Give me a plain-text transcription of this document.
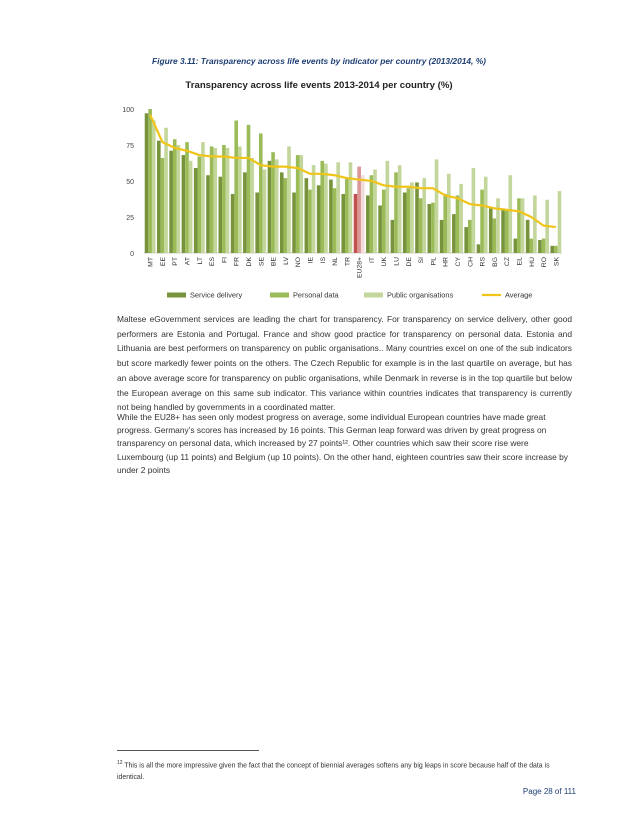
Figure 3.11: Transparency across life events by indicator per country (2013/2014, %)
Transparency across life events 2013-2014 per country (%)
0
25
50
75
100
MT EE PT AT LT ES FI FR DK SE BE LV NO IE IS NL TR EU28+ IT UK LU DE SI PL HR CY CH RS BG CZ EL HU RO SK
Service delivery	Personal data	Public organisations	Average
Maltese eGovernment services are leading the chart for transparency. For transparency on service delivery, other good performers are Estonia and Portugal. France and show good practice for transparency on personal data. Estonia and Lithuania are best performers on transparency on public organisations.. Many countries excel on one of the sub indicators but score markedly fewer points on the others. The Czech Republic for example is in the last quartile on average, but has an above average score for transparency on public organisations, while Denmark in reverse is in the top quartile but below the European average on this same sub indicator. This variance within countries indicates that transparency is currently not being handled by governments in a coordinated matter.
While the EU28+ has seen only modest progress on average, some individual European countries have made great progress. Germany’s scores has increased by 16 points. This German leap forward was driven by great progress on transparency on personal data, which increased by 27 points¹². Other countries which saw their score rise were Luxembourg (up 11 points) and Belgium (up 10 points). On the other hand, eighteen countries saw their score increase by under 2 points
$^{12}$ This is all the more impressive given the fact that the concept of biennial averages softens any big leaps in score because half of the data is identical.
Page 28 of 111
